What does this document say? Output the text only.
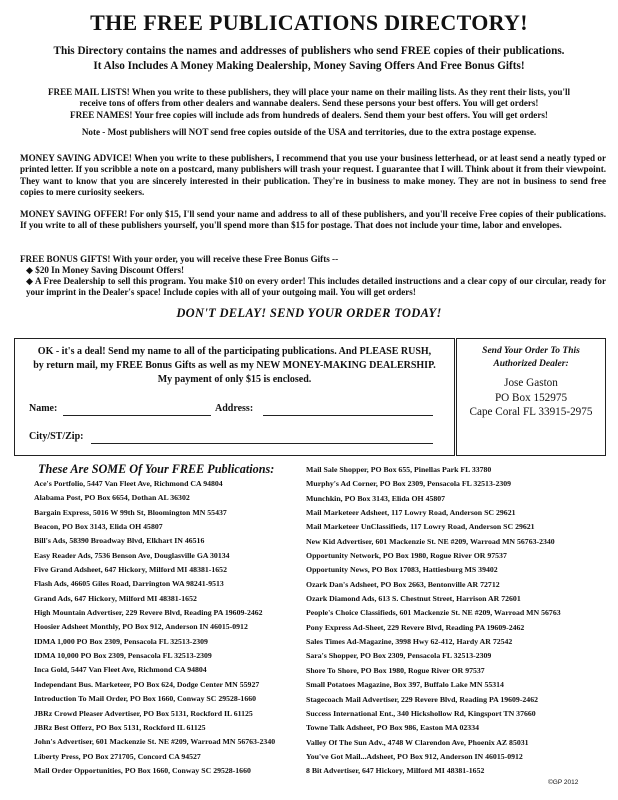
THE FREE PUBLICATIONS DIRECTORY!
This Directory contains the names and addresses of publishers who send FREE copies of their publications.
It Also Includes A Money Making Dealership, Money Saving Offers And Free Bonus Gifts!
FREE MAIL LISTS! When you write to these publishers, they will place your name on their mailing lists. As they rent their lists, you'll
receive tons of offers from other dealers and wannabe dealers. Send these persons your best offers. You will get orders!
FREE NAMES! Your free copies will include ads from hundreds of dealers. Send them your best offers. You will get orders!
Note - Most publishers will NOT send free copies outside of the USA and territories, due to the extra postage expense.
MONEY SAVING ADVICE! When you write to these publishers, I recommend that you use your business letterhead, or at least send a neatly typed or printed letter. If you scribble a note on a postcard, many publishers will trash your request. I guarantee that I will. Think about it from their viewpoint. They want to know that you are sincerely interested in their publication. They're in business to make money. They are not in business to send free copies to mere curiosity seekers.
MONEY SAVING OFFER! For only $15, I'll send your name and address to all of these publishers, and you'll receive Free copies of their publications. If you write to all of these publishers yourself, you'll spend more than $15 for postage. That does not include your time, labor and envelopes.
FREE BONUS GIFTS! With your order, you will receive these Free Bonus Gifts --
◆ $20 In Money Saving Discount Offers!
◆ A Free Dealership to sell this program. You make $10 on every order! This includes detailed instructions and a clear copy of our circular, ready for your imprint in the Dealer's space! Include copies with all of your outgoing mail. You will get orders!
DON'T DELAY! SEND YOUR ORDER TODAY!
OK - it's a deal! Send my name to all of the participating publications. And PLEASE RUSH,
by return mail, my FREE Bonus Gifts as well as my NEW MONEY-MAKING DEALERSHIP.
My payment of only $15 is enclosed.
Name:	Address:
City/ST/Zip:
Send Your Order To This
Authorized Dealer:
Jose Gaston
PO Box 152975
Cape Coral FL 33915-2975
These Are SOME Of Your FREE Publications:
Ace's Portfolio, 5447 Van Fleet Ave, Richmond CA 94804
Alabama Post, PO Box 6654, Dothan AL 36302
Bargain Express, 5016 W 99th St, Bloomington MN 55437
Beacon, PO Box 3143, Elida OH 45807
Bill's Ads, 58390 Broadway Blvd, Elkhart IN 46516
Easy Reader Ads, 7536 Benson Ave, Douglasville GA 30134
Five Grand Adsheet, 647 Hickory, Milford MI 48381-1652
Flash Ads, 46605 Giles Road, Darrington WA 98241-9513
Grand Ads, 647 Hickory, Milford MI 48381-1652
High Mountain Advertiser, 229 Revere Blvd, Reading PA 19609-2462
Hoosier Adsheet Monthly, PO Box 912, Anderson IN 46015-0912
IDMA 1,000 PO Box 2309, Pensacola FL 32513-2309
IDMA 10,000 PO Box 2309, Pensacola FL 32513-2309
Inca Gold, 5447 Van Fleet Ave, Richmond CA 94804
Independant Bus. Marketeer, PO Box 624, Dodge Center MN 55927
Introduction To Mail Order, PO Box 1660, Conway SC 29528-1660
JBRz Crowd Pleaser Advertiser, PO Box 5131, Rockford IL 61125
JBRz Best Offerz, PO Box 5131, Rockford IL 61125
John's Advertiser, 601 Mackenzie St. NE #209, Warroad MN 56763-2340
Liberty Press, PO Box 271705, Concord CA 94527
Mail Order Opportunities, PO Box 1660, Conway SC 29528-1660
Mail Sale Shopper, PO Box 655, Pinellas Park FL 33780
Murphy's Ad Corner, PO Box 2309, Pensacola FL 32513-2309
Munchkin, PO Box 3143, Elida OH 45807
Mail Marketeer Adsheet, 117 Lowry Road, Anderson SC 29621
Mail Marketeer UnClassifieds, 117 Lowry Road, Anderson SC 29621
New Kid Advertiser, 601 Mackenzie St. NE #209, Warroad MN 56763-2340
Opportunity Network, PO Box 1980, Rogue River OR 97537
Opportunity News, PO Box 17083, Hattiesburg MS 39402
Ozark Dan's Adsheet, PO Box 2663, Bentonville AR 72712
Ozark Diamond Ads, 613 S. Chestnut Street, Harrison AR 72601
People's Choice Classifieds, 601 Mackenzie St. NE #209, Warroad MN 56763
Pony Express Ad-Sheet, 229 Revere Blvd, Reading PA 19609-2462
Sales Times Ad-Magazine, 3998 Hwy 62-412, Hardy AR 72542
Sara's Shopper, PO Box 2309, Pensacola FL 32513-2309
Shore To Shore, PO Box 1980, Rogue River OR 97537
Small Potatoes Magazine, Box 397, Buffalo Lake MN 55314
Stagecoach Mail Advertiser, 229 Revere Blvd, Reading PA 19609-2462
Success International Ent., 340 Hickshollow Rd, Kingsport TN 37660
Towne Talk Adsheet, PO Box 986, Easton MA 02334
Valley Of The Sun Adv., 4748 W Clarendon Ave, Phoenix AZ 85031
You've Got Mail...Adsheet, PO Box 912, Anderson IN 46015-0912
8 Bit Advertiser, 647 Hickory, Milford MI 48381-1652
©GP 2012
